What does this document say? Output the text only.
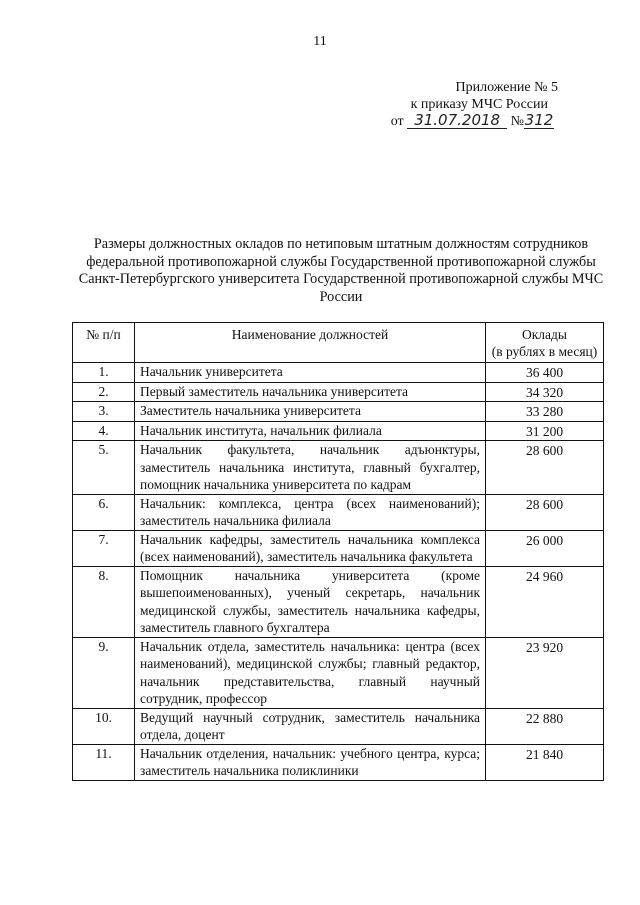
11
Приложение № 5
к приказу МЧС России
от 31.07.2018 №312
Размеры должностных окладов по нетиповым штатным должностям сотрудников федеральной противопожарной службы Государственной противопожарной службы Санкт-Петербургского университета Государственной противопожарной службы МЧС России
№ п/п	Наименование должностей	Оклады
(в рублях в месяц)

1.	Начальник университета	36 400
2.	Первый заместитель начальника университета	34 320
3.	Заместитель начальника университета	33 280
4.	Начальник института, начальник филиала	31 200
5.	Начальник факультета, начальник адъюнктуры, заместитель начальника института, главный бухгалтер, помощник начальника университета по кадрам	28 600
6.	Начальник: комплекса, центра (всех наименований); заместитель начальника филиала	28 600
7.	Начальник кафедры, заместитель начальника комплекса (всех наименований), заместитель начальника факультета	26 000
8.	Помощник начальника университета (кроме вышепоименованных), ученый секретарь, начальник медицинской службы, заместитель начальника кафедры, заместитель главного бухгалтера	24 960
9.	Начальник отдела, заместитель начальника: центра (всех наименований), медицинской службы; главный редактор, начальник представительства, главный научный сотрудник, профессор	23 920
10.	Ведущий научный сотрудник, заместитель начальника отдела, доцент	22 880
11.	Начальник отделения, начальник: учебного центра, курса; заместитель начальника поликлиники	21 840
